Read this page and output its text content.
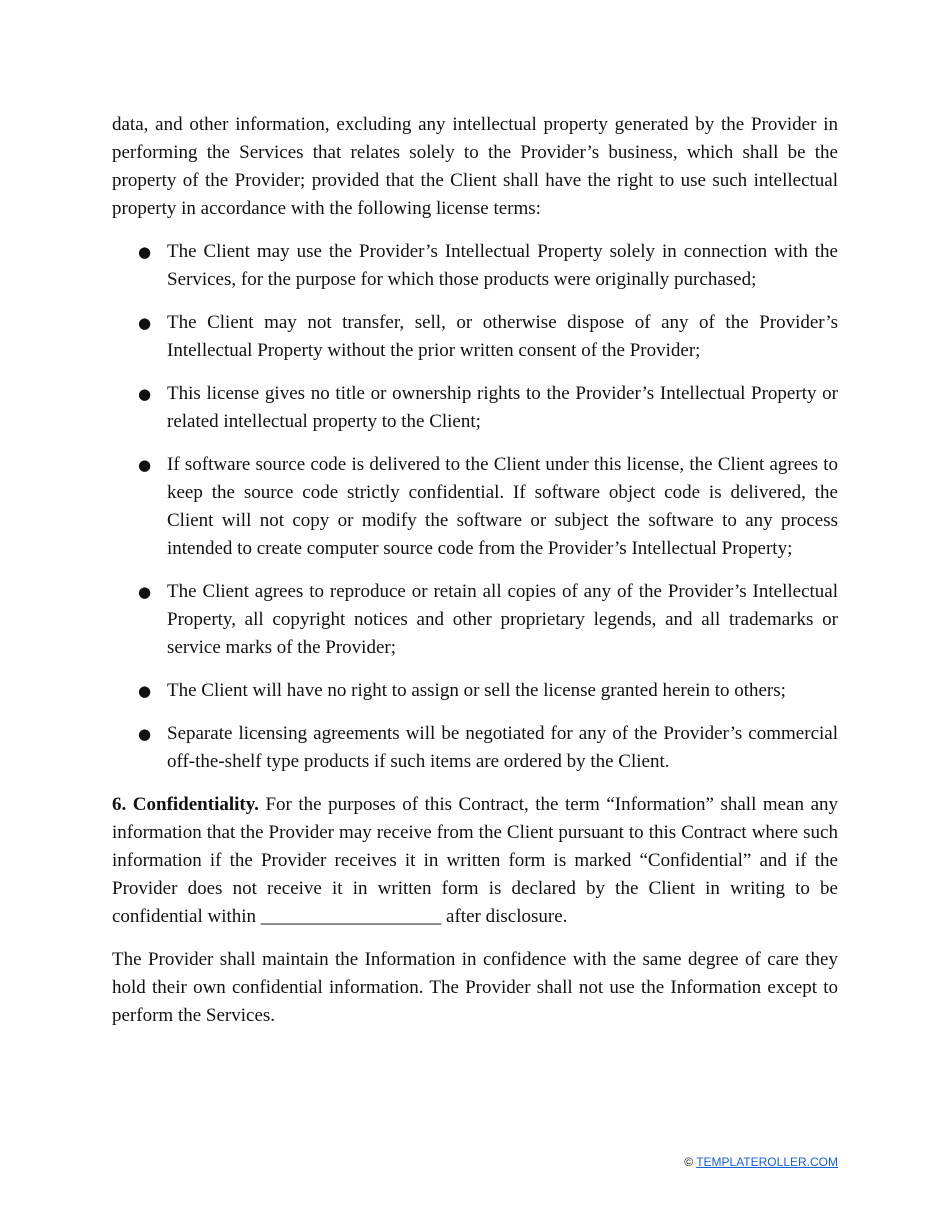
data, and other information, excluding any intellectual property generated by the Provider in performing the Services that relates solely to the Provider’s business, which shall be the property of the Provider; provided that the Client shall have the right to use such intellectual property in accordance with the following license terms:

● The Client may use the Provider’s Intellectual Property solely in connection with the Services, for the purpose for which those products were originally purchased;
● The Client may not transfer, sell, or otherwise dispose of any of the Provider’s Intellectual Property without the prior written consent of the Provider;
● This license gives no title or ownership rights to the Provider’s Intellectual Property or related intellectual property to the Client;
● If software source code is delivered to the Client under this license, the Client agrees to keep the source code strictly confidential. If software object code is delivered, the Client will not copy or modify the software or subject the software to any process intended to create computer source code from the Provider’s Intellectual Property;
● The Client agrees to reproduce or retain all copies of any of the Provider’s Intellectual Property, all copyright notices and other proprietary legends, and all trademarks or service marks of the Provider;
● The Client will have no right to assign or sell the license granted herein to others;
● Separate licensing agreements will be negotiated for any of the Provider’s commercial off-the-shelf type products if such items are ordered by the Client.

6. Confidentiality. For the purposes of this Contract, the term “Information” shall mean any information that the Provider may receive from the Client pursuant to this Contract where such information if the Provider receives it in written form is marked “Confidential” and if the Provider does not receive it in written form is declared by the Client in writing to be confidential within ___________________ after disclosure.

The Provider shall maintain the Information in confidence with the same degree of care they hold their own confidential information. The Provider shall not use the Information except to perform the Services.

© TEMPLATEROLLER.COM
